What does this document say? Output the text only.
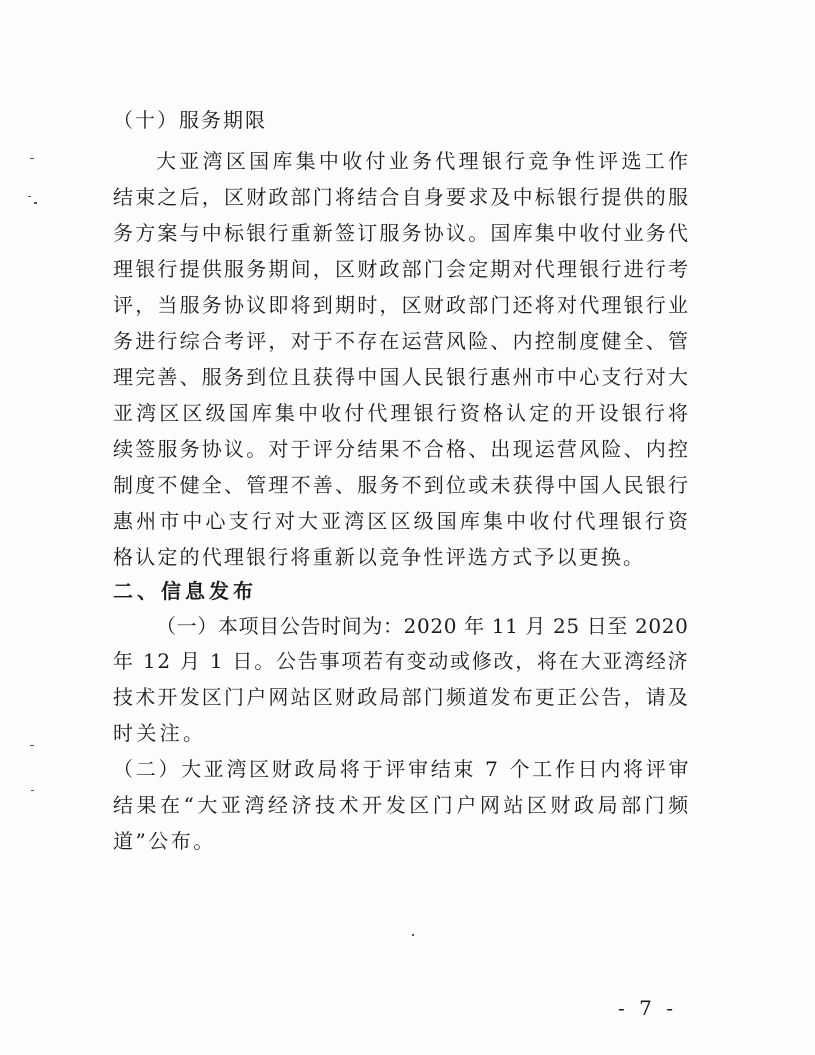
（十）服务期限
大亚湾区国库集中收付业务代理银行竞争性评选工作
结束之后，区财政部门将结合自身要求及中标银行提供的服
务方案与中标银行重新签订服务协议。国库集中收付业务代
理银行提供服务期间，区财政部门会定期对代理银行进行考
评，当服务协议即将到期时，区财政部门还将对代理银行业
务进行综合考评，对于不存在运营风险、内控制度健全、管
理完善、服务到位且获得中国人民银行惠州市中心支行对大
亚湾区区级国库集中收付代理银行资格认定的开设银行将
续签服务协议。对于评分结果不合格、出现运营风险、内控
制度不健全、管理不善、服务不到位或未获得中国人民银行
惠州市中心支行对大亚湾区区级国库集中收付代理银行资
格认定的代理银行将重新以竞争性评选方式予以更换。
二、信息发布
（一）本项目公告时间为：2020 年 11 月 25 日至 2020
年 12 月 1 日。公告事项若有变动或修改，将在大亚湾经济
技术开发区门户网站区财政局部门频道发布更正公告，请及
时关注。
（二）大亚湾区财政局将于评审结束 7 个工作日内将评审
结果在“大亚湾经济技术开发区门户网站区财政局部门频
道”公布。
- 7 -
